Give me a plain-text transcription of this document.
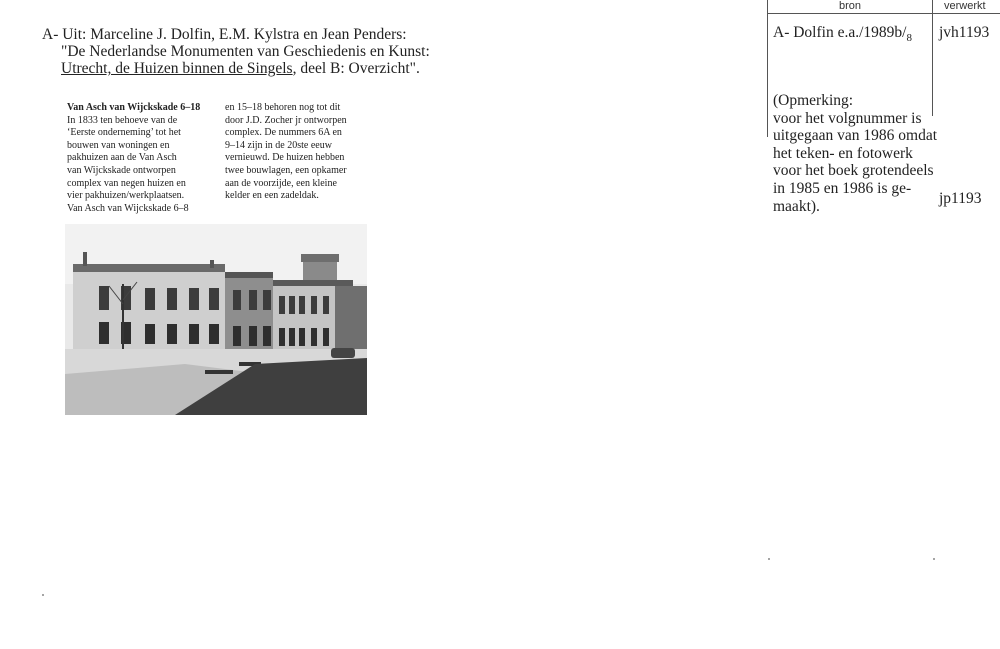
A- Uit: Marceline J. Dolfin, E.M. Kylstra en Jean Penders:
"De Nederlandse Monumenten van Geschiedenis en Kunst:
Utrecht, de Huizen binnen de Singels, deel B: Overzicht".
Van Asch van Wijckskade 6–18
In 1833 ten behoeve van de
‘Eerste onderneming’ tot het
bouwen van woningen en
pakhuizen aan de Van Asch
van Wijckskade ontworpen
complex van negen huizen en
vier pakhuizen/werkplaatsen.
Van Asch van Wijckskade 6–8
en 15–18 behoren nog tot dit
door J.D. Zocher jr ontworpen
complex. De nummers 6A en
9–14 zijn in de 20ste eeuw
vernieuwd. De huizen hebben
twee bouwlagen, een opkamer
aan de voorzijde, een kleine
kelder en een zadeldak.
bron	verwerkt
A- Dolfin $e.a./1989b/_8$ jvh1193
(Opmerking:
voor het volgnummer is
uitgegaan van 1986 omdat
het teken- en fotowerk
voor het boek grotendeels
in 1985 en 1986 is ge-
maakt).	jp1193
